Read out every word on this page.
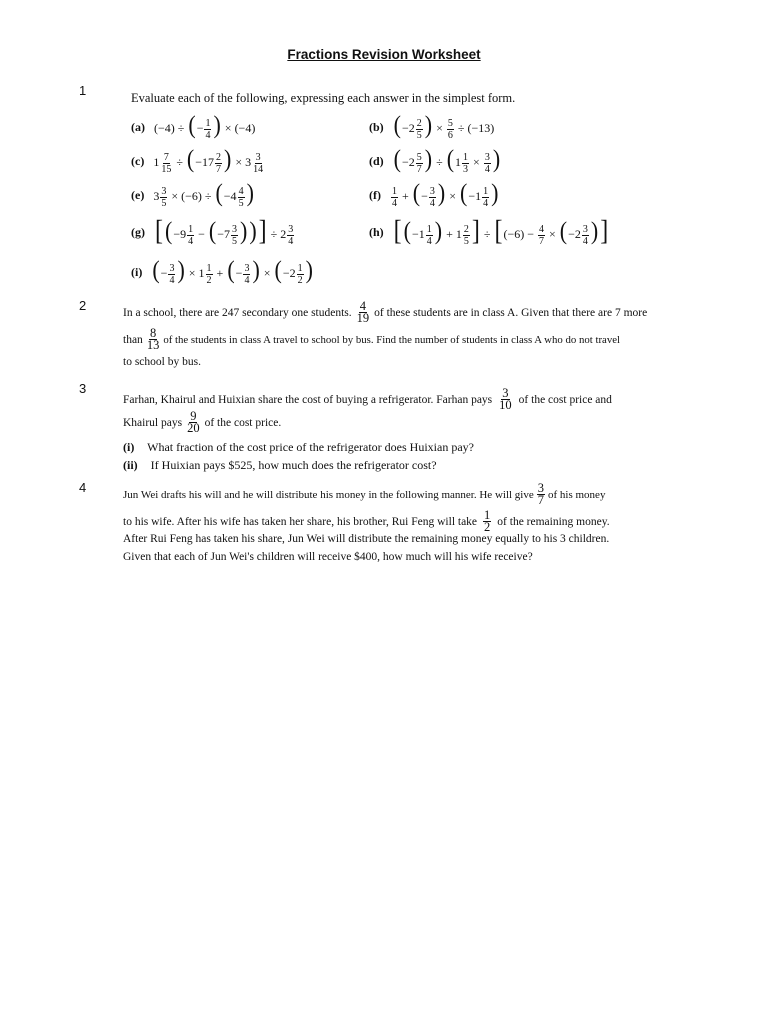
Fractions Revision Worksheet
1	Evaluate each of the following, expressing each answer in the simplest form.
(a) (−4) ÷ (− $\frac{1}{4}$ ) × (−4)	(b) ($-2 \frac{2}{5}$ ) × $\frac{5}{6} \div (-13)$
(c) $1 \frac{7}{15} \div (-17 \frac{2}{7}$ ) × $3 \frac{3}{14}$	(d) ($-2 \frac{5}{7}$ ) ÷ ($1 \frac{1}{3} \times \frac{3}{4}$ )
(e) $3 \frac{3}{5} \times (-6) \div (-4 \frac{4}{5}$ )	$(f) \frac{1}{4}$ + (− $\frac{3}{4}$ ) × ($-1 \frac{1}{4}$ )
(g) [($-9 \frac{1}{4} - (-7 \frac{3}{5}$ ))] ÷ $2 \frac{3}{4}$	(h) [($-1 \frac{1}{4}$ ) + $1 \frac{2}{5}$ ] ÷ [$(-6) - \frac{4}{7} \times (-2 \frac{3}{4}$ )]
(i) (− $\frac{3}{4}$ ) × $1 \frac{1}{2}$ + (− $\frac{3}{4}$ ) × ($-2 \frac{1}{2}$ )
2	In a school, there are 247 secondary one students. $\frac{4}{19}$ of these students are in class A. Given that there are 7 more
than $\frac{8}{13}$ of the students in class A travel to school by bus. Find the number of students in class A who do not travel
to school by bus.
3
Farhan, Khairul and Huixian share the cost of buying a refrigerator. Farhan pays $\frac{3}{10}$ of the cost price and
Khairul pays $\frac{9}{20}$ of the cost price.
(i) What fraction of the cost price of the refrigerator does Huixian pay?
(ii) If Huixian pays $525, how much does the refrigerator cost?
4	Jun Wei drafts his will and he will distribute his money in the following manner. He will give $\frac{3}{7}$ of his money
to his wife. After his wife has taken her share, his brother, Rui Feng will take $\frac{1}{2}$ of the remaining money.
After Rui Feng has taken his share, Jun Wei will distribute the remaining money equally to his 3 children.
Given that each of Jun Wei's children will receive $400, how much will his wife receive?
